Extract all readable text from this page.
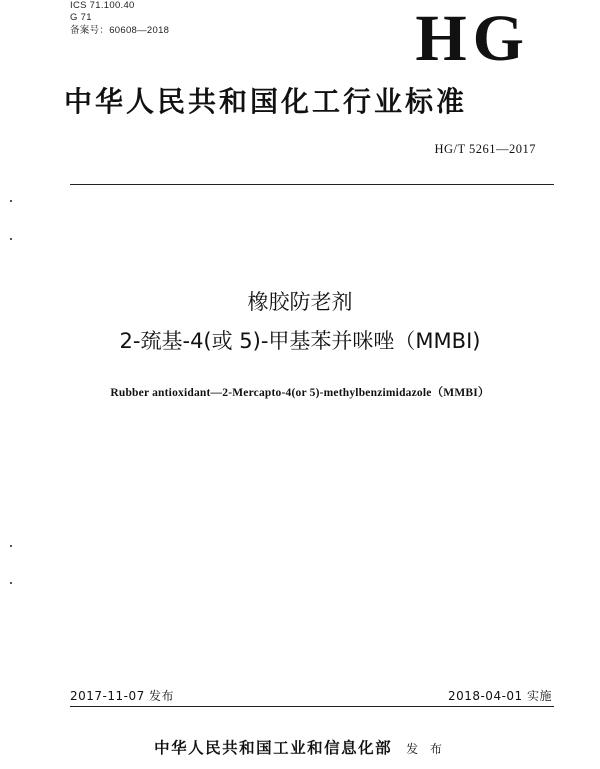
ICS 71.100.40
G 71
备案号：60608—2018	HG
中华人民共和国化工行业标准
HG/T 5261—2017
橡胶防老剂
2-巯基-4(或 5)-甲基苯并咪唑（MMBI)
Rubber antioxidant—2-Mercapto-4(or 5)-methylbenzimidazole（MMBI）
2017-11-07 发布	2018-04-01 实施
中华人民共和国工业和信息化部 发 布
